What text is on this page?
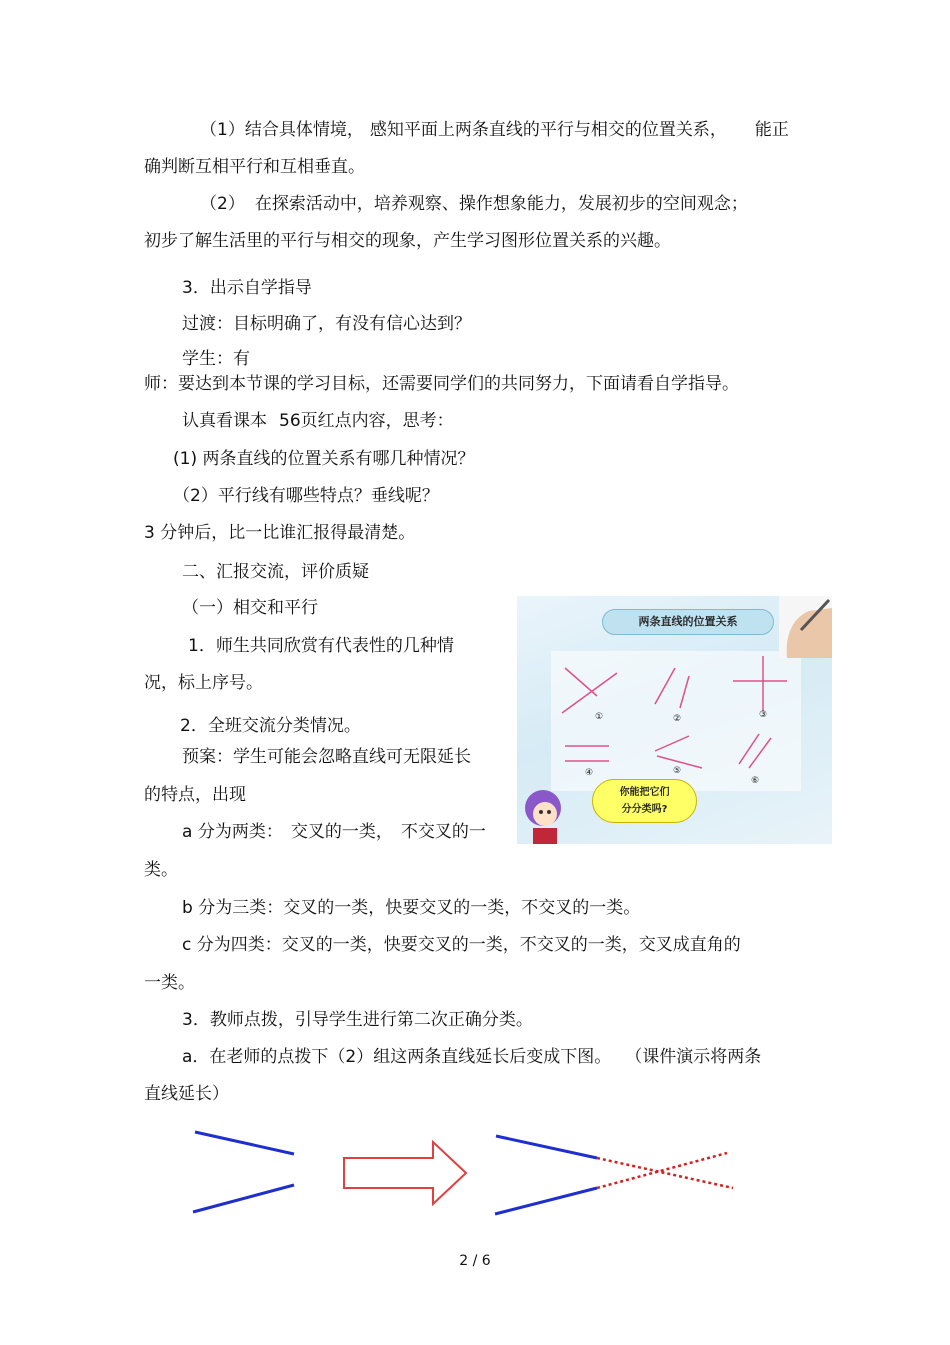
（1）结合具体情境， 感知平面上两条直线的平行与相交的位置关系， 能正
确判断互相平行和互相垂直。
（2） 在探索活动中，培养观察、操作想象能力，发展初步的空间观念；
初步了解生活里的平行与相交的现象，产生学习图形位置关系的兴趣。
3．出示自学指导
过渡：目标明确了，有没有信心达到？
学生：有
师：要达到本节课的学习目标，还需要同学们的共同努力，下面请看自学指导。
认真看课本 56页红点内容，思考：
(1) 两条直线的位置关系有哪几种情况？
（2）平行线有哪些特点？垂线呢？
3 分钟后，比一比谁汇报得最清楚。
二、汇报交流，评价质疑
（一）相交和平行
1．师生共同欣赏有代表性的几种情
况，标上序号。
2．全班交流分类情况。
预案：学生可能会忽略直线可无限延长
的特点，出现
a 分为两类： 交叉的一类， 不交叉的一
类。
b 分为三类：交叉的一类，快要交叉的一类，不交叉的一类。
c 分为四类：交叉的一类，快要交叉的一类，不交叉的一类，交叉成直角的
一类。
3．教师点拨，引导学生进行第二次正确分类。
a．在老师的点拨下（2）组这两条直线延长后变成下图。 （课件演示将两条
直线延长）
两条直线的位置关系
①	②	③
④	⑤
⑥
你能把它们
分分类吗?
2 / 6
